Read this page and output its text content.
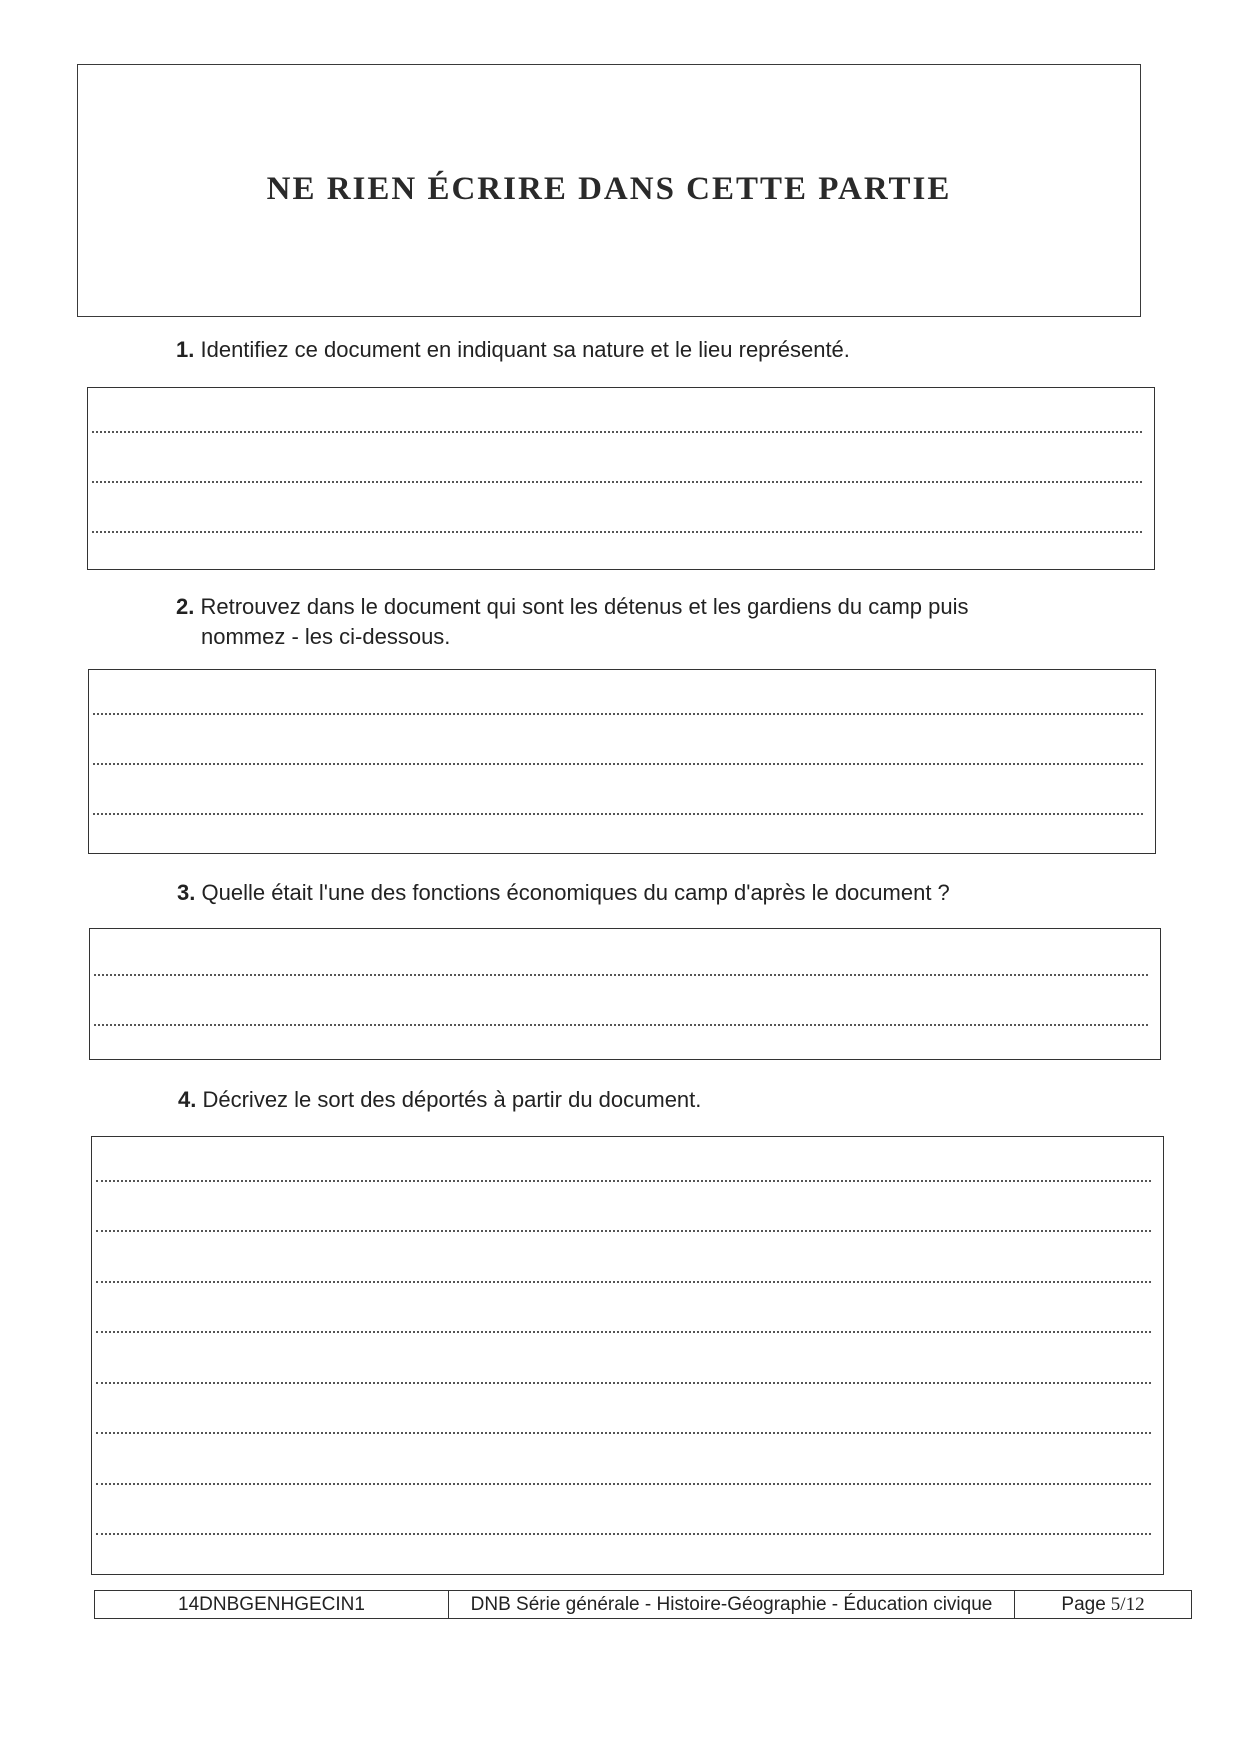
NE RIEN ÉCRIRE DANS CETTE PARTIE
1. Identifiez ce document en indiquant sa nature et le lieu représenté.
2. Retrouvez dans le document qui sont les détenus et les gardiens du camp puis
nommez - les ci-dessous.
3. Quelle était l'une des fonctions économiques du camp d'après le document ?
4. Décrivez le sort des déportés à partir du document.
14DNBGENHGECIN1	DNB Série générale - Histoire-Géographie - Éducation civique	Page 5/12
